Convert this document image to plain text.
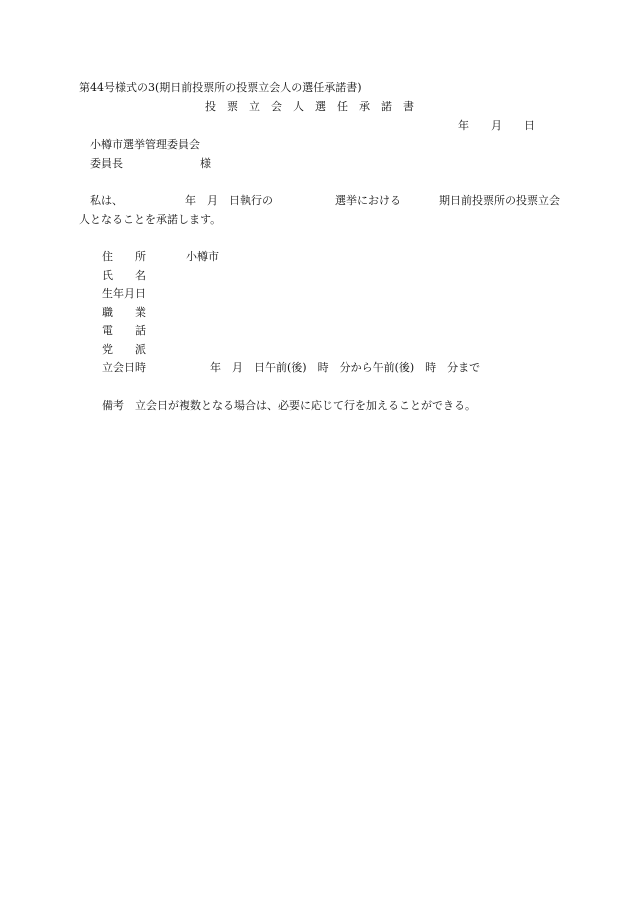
第44号様式の3(期日前投票所の投票立会人の選任承諾書)
投　票　立　会　人　選　任　承　諾　書
年　　月　　日
小樽市選挙管理委員会
委員長　　　　　　　様
私は、	年　月　日執行の	選挙における	期日前投票所の投票立会
人となることを承諾します。
住　　所	小樽市
氏　　名
生年月日
職　　業
電　　話
党　　派
立会日時	年　月　日午前(後)　時　分から午前(後)　時　分まで
備考　立会日が複数となる場合は、必要に応じて行を加えることができる。
